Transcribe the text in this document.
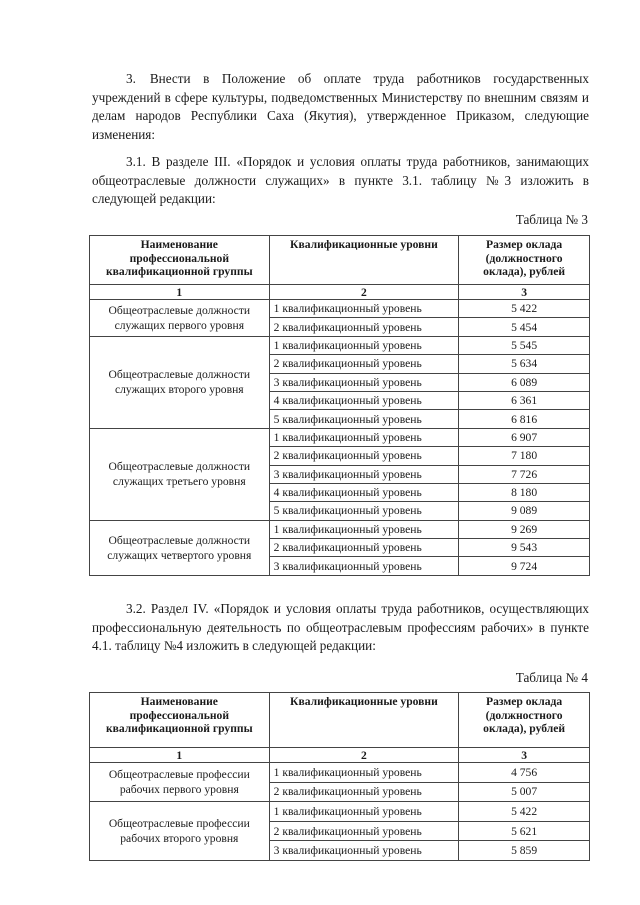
3. Внести в Положение об оплате труда работников государственных учреждений в сфере культуры, подведомственных Министерству по внешним связям и делам народов Республики Саха (Якутия), утвержденное Приказом, следующие изменения:
3.1. В разделе III. «Порядок и условия оплаты труда работников, занимающих общеотраслевые должности служащих» в пункте 3.1. таблицу №3 изложить в следующей редакции:
Таблица № 3
Наименование профессиональной квалификационной группы	Квалификационные уровни	Размер оклада (должностного оклада), рублей
1	2	3
Общеотраслевые должности служащих первого уровня	1 квалификационный уровень	5 422
	2 квалификационный уровень	5 454
Общеотраслевые должности служащих второго уровня	1 квалификационный уровень	5 545
	2 квалификационный уровень	5 634
	3 квалификационный уровень	6 089
	4 квалификационный уровень	6 361
	5 квалификационный уровень	6 816
Общеотраслевые должности служащих третьего уровня	1 квалификационный уровень	6 907
	2 квалификационный уровень	7 180
	3 квалификационный уровень	7 726
	4 квалификационный уровень	8 180
	5 квалификационный уровень	9 089
Общеотраслевые должности служащих четвертого уровня	1 квалификационный уровень	9 269
	2 квалификационный уровень	9 543
	3 квалификационный уровень	9 724
3.2. Раздел IV. «Порядок и условия оплаты труда работников, осуществляющих профессиональную деятельность по общеотраслевым профессиям рабочих» в пункте 4.1. таблицу №4 изложить в следующей редакции:
Таблица № 4
Наименование профессиональной квалификационной группы	Квалификационные уровни	Размер оклада (должностного оклада), рублей
1	2	3
Общеотраслевые профессии рабочих первого уровня	1 квалификационный уровень	4 756
	2 квалификационный уровень	5 007
Общеотраслевые профессии рабочих второго уровня	1 квалификационный уровень	5 422
	2 квалификационный уровень	5 621
	3 квалификационный уровень	5 859
